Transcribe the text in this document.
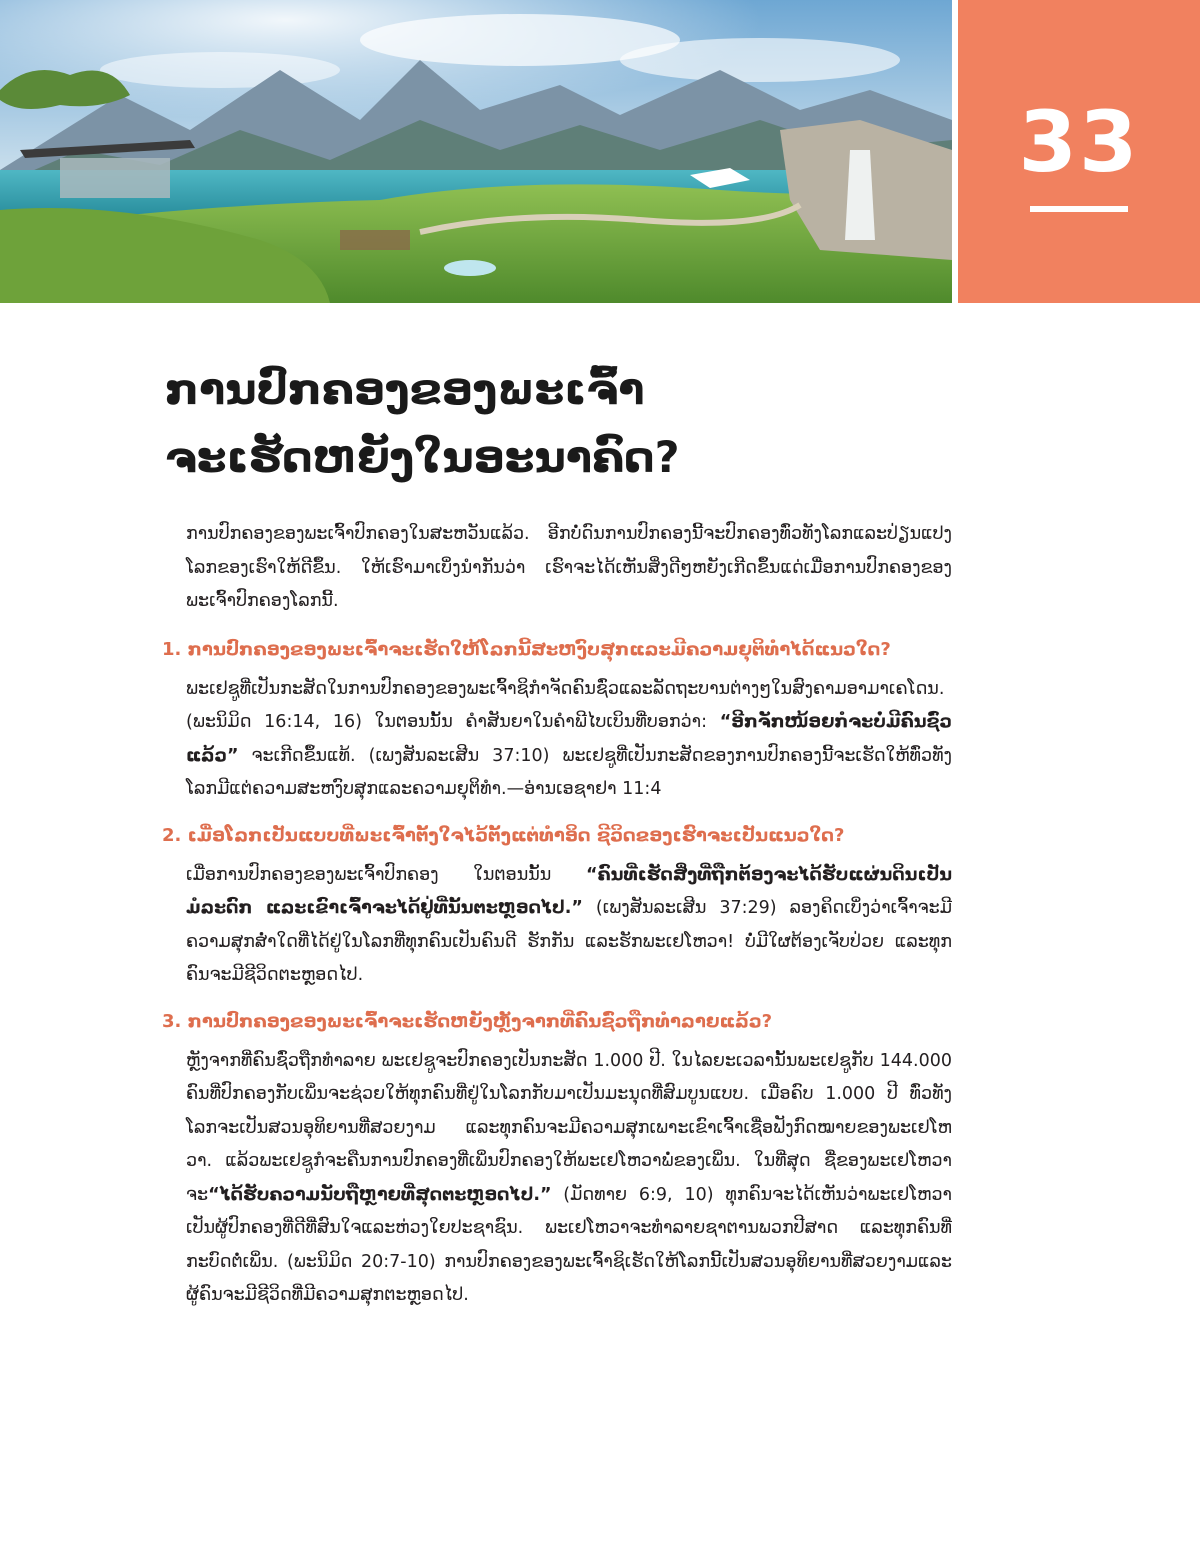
33
ການປົກຄອງຂອງພະເຈົ້າ
ຈະເຮັດຫຍັງໃນອະນາຄົດ?

ການປົກຄອງຂອງພະເຈົ້າປົກຄອງໃນສະຫວັນແລ້ວ. ອີກບໍ່ດົນການປົກຄອງນີ້ຈະປົກຄອງທົ່ວທັງໂລກແລະປ່ຽນແປງໂລກຂອງເຮົາໃຫ້ດີຂຶ້ນ. ໃຫ້ເຮົາມາເບິ່ງນຳກັນວ່າ ເຮົາຈະໄດ້ເຫັນສິ່ງດີໆຫຍັງເກີດຂຶ້ນແດ່ເມື່ອການປົກຄອງຂອງພະເຈົ້າປົກຄອງໂລກນີ້.

1. ການປົກຄອງຂອງພະເຈົ້າຈະເຮັດໃຫ້ໂລກນີ້ສະຫງົບສຸກແລະມີຄວາມຍຸຕິທຳໄດ້ແນວໃດ?

ພະເຢຊູທີ່ເປັນກະສັດໃນການປົກຄອງຂອງພະເຈົ້າຊິກຳຈັດຄົນຊົ່ວແລະລັດຖະບານຕ່າງໆໃນສົງຄາມອາມາເຄໂດນ. (ພະນິມິດ 16:14, 16) ໃນຕອນນັ້ນ ຄຳສັນຍາໃນຄຳພີໄບເບິນທີ່ບອກວ່າ: “ອີກຈັກໜ້ອຍກໍຈະບໍ່ມີຄົນຊົ່ວແລ້ວ” ຈະເກີດຂຶ້ນແທ້. (ເພງສັນລະເສີນ 37:10) ພະເຢຊູທີ່ເປັນກະສັດຂອງການປົກຄອງນີ້ຈະເຮັດໃຫ້ທົ່ວທັງໂລກມີແຕ່ຄວາມສະຫງົບສຸກແລະຄວາມຍຸຕິທຳ.—ອ່ານເອຊາຢາ 11:4

2. ເມື່ອໂລກເປັນແບບທີ່ພະເຈົ້າຕັ້ງໃຈໄວ້ຕັ້ງແຕ່ທຳອິດ ຊີວິດຂອງເຮົາຈະເປັນແນວໃດ?

ເມື່ອການປົກຄອງຂອງພະເຈົ້າປົກຄອງ ໃນຕອນນັ້ນ “ຄົນທີ່ເຮັດສິ່ງທີ່ຖືກຕ້ອງຈະໄດ້ຮັບແຜ່ນດິນເປັນມໍລະດົກ ແລະເຂົາເຈົ້າຈະໄດ້ຢູ່ທີ່ນັ້ນຕະຫຼອດໄປ.” (ເພງສັນລະເສີນ 37:29) ລອງຄິດເບິ່ງວ່າເຈົ້າຈະມີຄວາມສຸກສໍ່າໃດທີ່ໄດ້ຢູ່ໃນໂລກທີ່ທຸກຄົນເປັນຄົນດີ ຮັກກັນ ແລະຮັກພະເຢໂຫວາ! ບໍ່ມີໃຜຕ້ອງເຈັບປ່ວຍ ແລະທຸກຄົນຈະມີຊີວິດຕະຫຼອດໄປ.

3. ການປົກຄອງຂອງພະເຈົ້າຈະເຮັດຫຍັງຫຼັງຈາກທີ່ຄົນຊົ່ວຖືກທຳລາຍແລ້ວ?

ຫຼັງຈາກທີ່ຄົນຊົ່ວຖືກທຳລາຍ ພະເຢຊູຈະປົກຄອງເປັນກະສັດ 1.000 ປີ. ໃນໄລຍະເວລານັ້ນພະເຢຊູກັບ 144.000 ຄົນທີ່ປົກຄອງກັບເພິ່ນຈະຊ່ວຍໃຫ້ທຸກຄົນທີ່ຢູ່ໃນໂລກກັບມາເປັນມະນຸດທີ່ສົມບູນແບບ. ເມື່ອຄົບ 1.000 ປີ ທົ່ວທັງໂລກຈະເປັນສວນອຸທິຍານທີ່ສວຍງາມ ແລະທຸກຄົນຈະມີຄວາມສຸກເພາະເຂົາເຈົ້າເຊື່ອຟັງກົດໝາຍຂອງພະເຢໂຫວາ. ແລ້ວພະເຢຊູກໍຈະຄືນການປົກຄອງທີ່ເພິ່ນປົກຄອງໃຫ້ພະເຢໂຫວາພໍ່ຂອງເພິ່ນ. ໃນທີ່ສຸດ ຊື່ຂອງພະເຢໂຫວາຈະ“ໄດ້ຮັບຄວາມນັບຖືຫຼາຍທີ່ສຸດຕະຫຼອດໄປ.” (ມັດທາຍ 6:9, 10) ທຸກຄົນຈະໄດ້ເຫັນວ່າພະເຢໂຫວາເປັນຜູ້ປົກຄອງທີ່ດີທີ່ສົນໃຈແລະຫ່ວງໃຍປະຊາຊົນ. ພະເຢໂຫວາຈະທຳລາຍຊາຕານພວກປີສາດ ແລະທຸກຄົນທີ່ກະບົດຕໍ່ເພິ່ນ. (ພະນິມິດ 20:7-10) ການປົກຄອງຂອງພະເຈົ້າຊິເຮັດໃຫ້ໂລກນີ້ເປັນສວນອຸທິຍານທີ່ສວຍງາມແລະຜູ້ຄົນຈະມີຊີວິດທີ່ມີຄວາມສຸກຕະຫຼອດໄປ.
